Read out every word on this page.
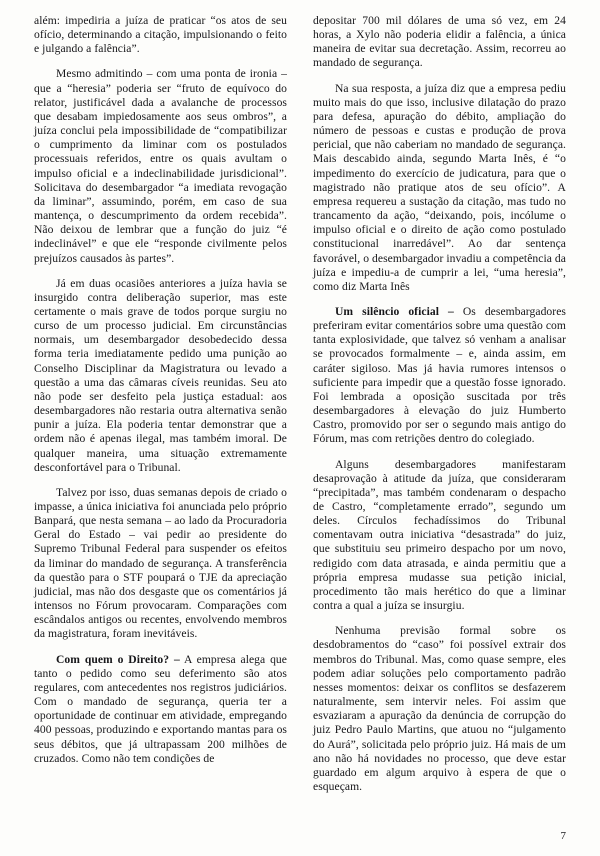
além: impediria a juíza de praticar “os atos de seu ofício, determinando a citação, impulsionando o feito e julgando a falência”.

Mesmo admitindo – com uma ponta de ironia – que a “heresia” poderia ser “fruto de equívoco do relator, justificável dada a avalanche de processos que desabam impiedosamente aos seus ombros”, a juíza conclui pela impossibilidade de “compatibilizar o cumprimento da liminar com os postulados processuais referidos, entre os quais avultam o impulso oficial e a indeclinabilidade jurisdicional”. Solicitava do desembargador “a imediata revogação da liminar”, assumindo, porém, em caso de sua mantença, o descumprimento da ordem recebida”. Não deixou de lembrar que a função do juiz “é indeclinável” e que ele “responde civilmente pelos prejuízos causados às partes”.

Já em duas ocasiões anteriores a juíza havia se insurgido contra deliberação superior, mas este certamente o mais grave de todos porque surgiu no curso de um processo judicial. Em circunstâncias normais, um desembargador desobedecido dessa forma teria imediatamente pedido uma punição ao Conselho Disciplinar da Magistratura ou levado a questão a uma das câmaras cíveis reunidas. Seu ato não pode ser desfeito pela justiça estadual: aos desembargadores não restaria outra alternativa senão punir a juíza. Ela poderia tentar demonstrar que a ordem não é apenas ilegal, mas também imoral. De qualquer maneira, uma situação extremamente desconfortável para o Tribunal.

Talvez por isso, duas semanas depois de criado o impasse, a única iniciativa foi anunciada pelo próprio Banpará, que nesta semana – ao lado da Procuradoria Geral do Estado – vai pedir ao presidente do Supremo Tribunal Federal para suspender os efeitos da liminar do mandado de segurança. A transferência da questão para o STF poupará o TJE da apreciação judicial, mas não dos desgaste que os comentários já intensos no Fórum provocaram. Comparações com escândalos antigos ou recentes, envolvendo membros da magistratura, foram inevitáveis.

Com quem o Direito? – A empresa alega que tanto o pedido como seu deferimento são atos regulares, com antecedentes nos registros judiciários. Com o mandado de segurança, queria ter a oportunidade de continuar em atividade, empregando 400 pessoas, produzindo e exportando mantas para os seus débitos, que já ultrapassam 200 milhões de cruzados. Como não tem condições de

depositar 700 mil dólares de uma só vez, em 24 horas, a Xylo não poderia elidir a falência, a única maneira de evitar sua decretação. Assim, recorreu ao mandado de segurança.

Na sua resposta, a juíza diz que a empresa pediu muito mais do que isso, inclusive dilatação do prazo para defesa, apuração do débito, ampliação do número de pessoas e custas e produção de prova pericial, que não caberiam no mandado de segurança. Mais descabido ainda, segundo Marta Inês, é “o impedimento do exercício de judicatura, para que o magistrado não pratique atos de seu ofício”. A empresa requereu a sustação da citação, mas tudo no trancamento da ação, “deixando, pois, incólume o impulso oficial e o direito de ação como postulado constitucional inarredável”. Ao dar sentença favorável, o desembargador invadiu a competência da juíza e impediu-a de cumprir a lei, “uma heresia”, como diz Marta Inês

Um silêncio oficial – Os desembargadores preferiram evitar comentários sobre uma questão com tanta explosividade, que talvez só venham a analisar se provocados formalmente – e, ainda assim, em caráter sigiloso. Mas já havia rumores intensos o suficiente para impedir que a questão fosse ignorado. Foi lembrada a oposição suscitada por três desembargadores à elevação do juiz Humberto Castro, promovido por ser o segundo mais antigo do Fórum, mas com retrições dentro do colegiado.

Alguns desembargadores manifestaram desaprovação à atitude da juíza, que consideraram “precipitada”, mas também condenaram o despacho de Castro, “completamente errado”, segundo um deles. Círculos fechadíssimos do Tribunal comentavam outra iniciativa “desastrada” do juiz, que substituiu seu primeiro despacho por um novo, redigido com data atrasada, e ainda permitiu que a própria empresa mudasse sua petição inicial, procedimento tão mais herético do que a liminar contra a qual a juíza se insurgiu.

Nenhuma previsão formal sobre os desdobramentos do “caso” foi possível extrair dos membros do Tribunal. Mas, como quase sempre, eles podem adiar soluções pelo comportamento padrão nesses momentos: deixar os conflitos se desfazerem naturalmente, sem intervir neles. Foi assim que esvaziaram a apuração da denúncia de corrupção do juiz Pedro Paulo Martins, que atuou no “julgamento do Aurá”, solicitada pelo próprio juiz. Há mais de um ano não há novidades no processo, que deve estar guardado em algum arquivo à espera de que o esqueçam.

7
